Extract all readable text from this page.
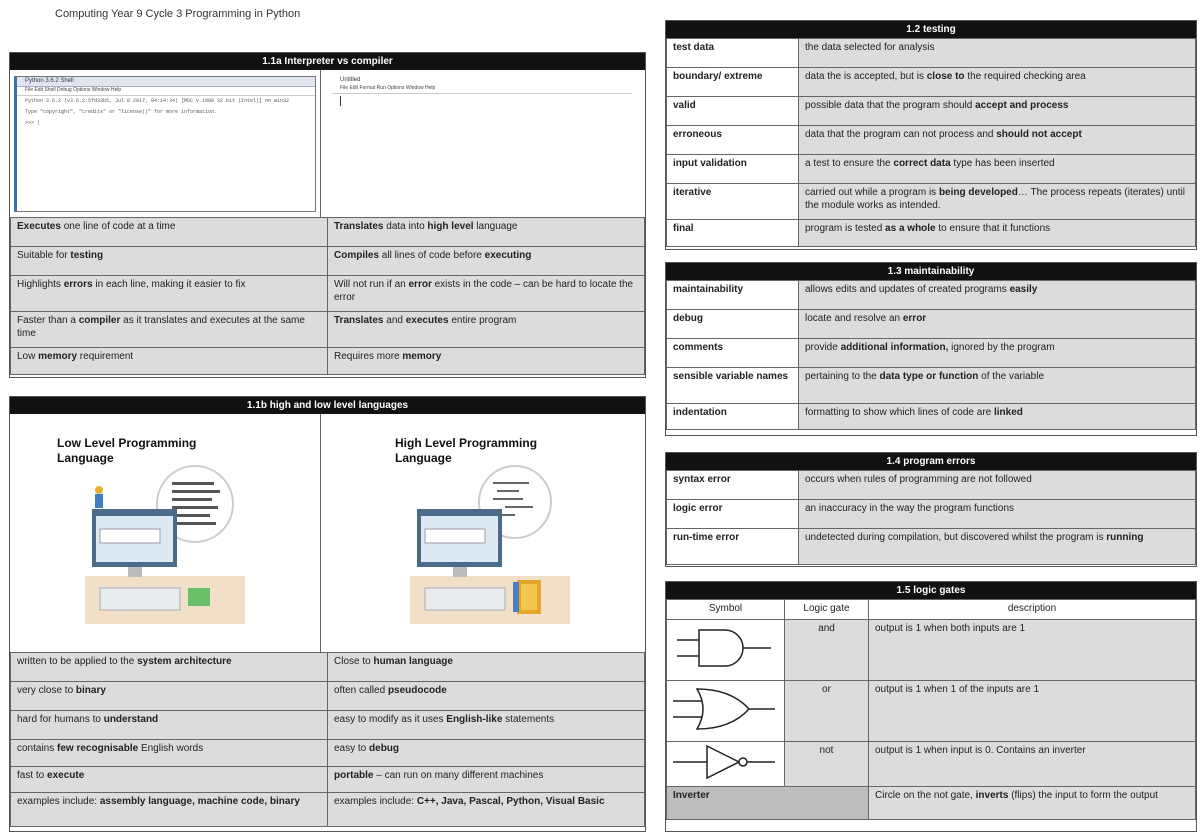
Computing Year 9 Cycle 3 Programming in Python
1.1a Interpreter vs compiler
Python 3.6.2 Shell
File Edit Shell Debug Options Window Help
Python 3.6.2 (v3.6.2:5fd33b5, Jul 8 2017, 04:14:34) [MSC v.1900 32 bit (Intel)] on win32
Type "copyright", "credits" or "license()" for more information.
>>> |
Untitled
File Edit Format Run Options Window Help
Executes one line of code at a time	Translates data into high level language
Suitable for testing	Compiles all lines of code before executing
Highlights errors in each line, making it easier to fix	Will not run if an error exists in the code – can be hard to locate the error
Faster than a compiler as it translates and executes at the same time	Translates and executes entire program
Low memory requirement	Requires more memory
1.1b high and low level languages
Low Level Programming Language
High Level Programming Language
written to be applied to the system architecture	Close to human language
very close to binary	often called pseudocode
hard for humans to understand	easy to modify as it uses English-like statements
contains few recognisable English words	easy to debug
fast to execute	portable – can run on many different machines
examples include: assembly language, machine code, binary	examples include: C++, Java, Pascal, Python, Visual Basic
1.2 testing
test data	the data selected for analysis
boundary/ extreme	data the is accepted, but is close to the required checking area
valid	possible data that the program should accept and process
erroneous	data that the program can not process and should not accept
input validation	a test to ensure the correct data type has been inserted
iterative	carried out while a program is being developed… The process repeats (iterates) until the module works as intended.
final	program is tested as a whole to ensure that it functions
1.3 maintainability
maintainability	allows edits and updates of created programs easily
debug	locate and resolve an error
comments	provide additional information, ignored by the program
sensible variable names	pertaining to the data type or function of the variable
indentation	formatting to show which lines of code are linked
1.4 program errors
syntax error	occurs when rules of programming are not followed
logic error	an inaccuracy in the way the program functions
run-time error	undetected during compilation, but discovered whilst the program is running
1.5 logic gates
Symbol	Logic gate	description
	and	output is 1 when both inputs are 1
	or	output is 1 when 1 of the inputs are 1
	not	output is 1 when input is 0. Contains an inverter
Inverter		Circle on the not gate, inverts (flips) the input to form the output
